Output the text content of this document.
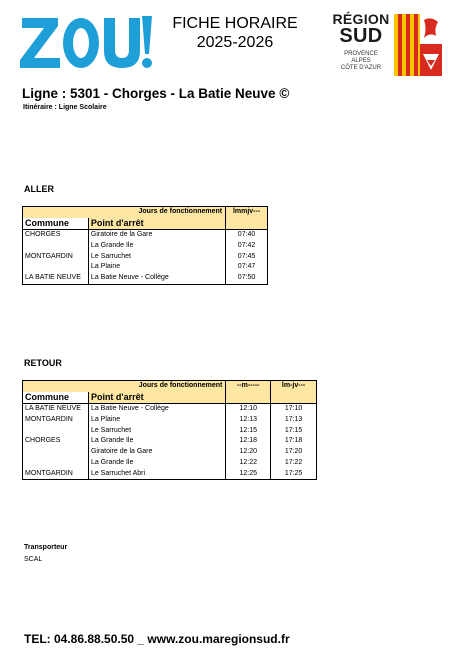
FICHE HORAIRE
2025-2026
RÉGION
SUD
PROVENCE
ALPES
CÔTE D'AZUR
Ligne : 5301 - Chorges - La Batie Neuve ©
Itinéraire : Ligne Scolaire
ALLER
Jours de fonctionnement		lmmjv---
Commune	Point d'arrêt	
CHORGES	Giratoire de la Gare	07:40
	La Grande Ile	07:42
MONTGARDIN	Le Sarruchet	07:45
	La Plaine	07:47
LA BATIE NEUVE	La Batie Neuve - Collège	07:50
RETOUR
Jours de fonctionnement		--m-----	lm-jv---
Commune	Point d'arrêt		
LA BATIE NEUVE	La Batie Neuve - Collège	12:10	17:10
MONTGARDIN	La Plaine	12:13	17:13
	Le Sarruchet	12:15	17:15
CHORGES	La Grande Ile	12:18	17:18
	Giratoire de la Gare	12:20	17:20
	La Grande Ile	12:22	17:22
MONTGARDIN	Le Sarruchet Abri	12:25	17:25
Transporteur
SCAL
TEL: 04.86.88.50.50 _ www.zou.maregionsud.fr
